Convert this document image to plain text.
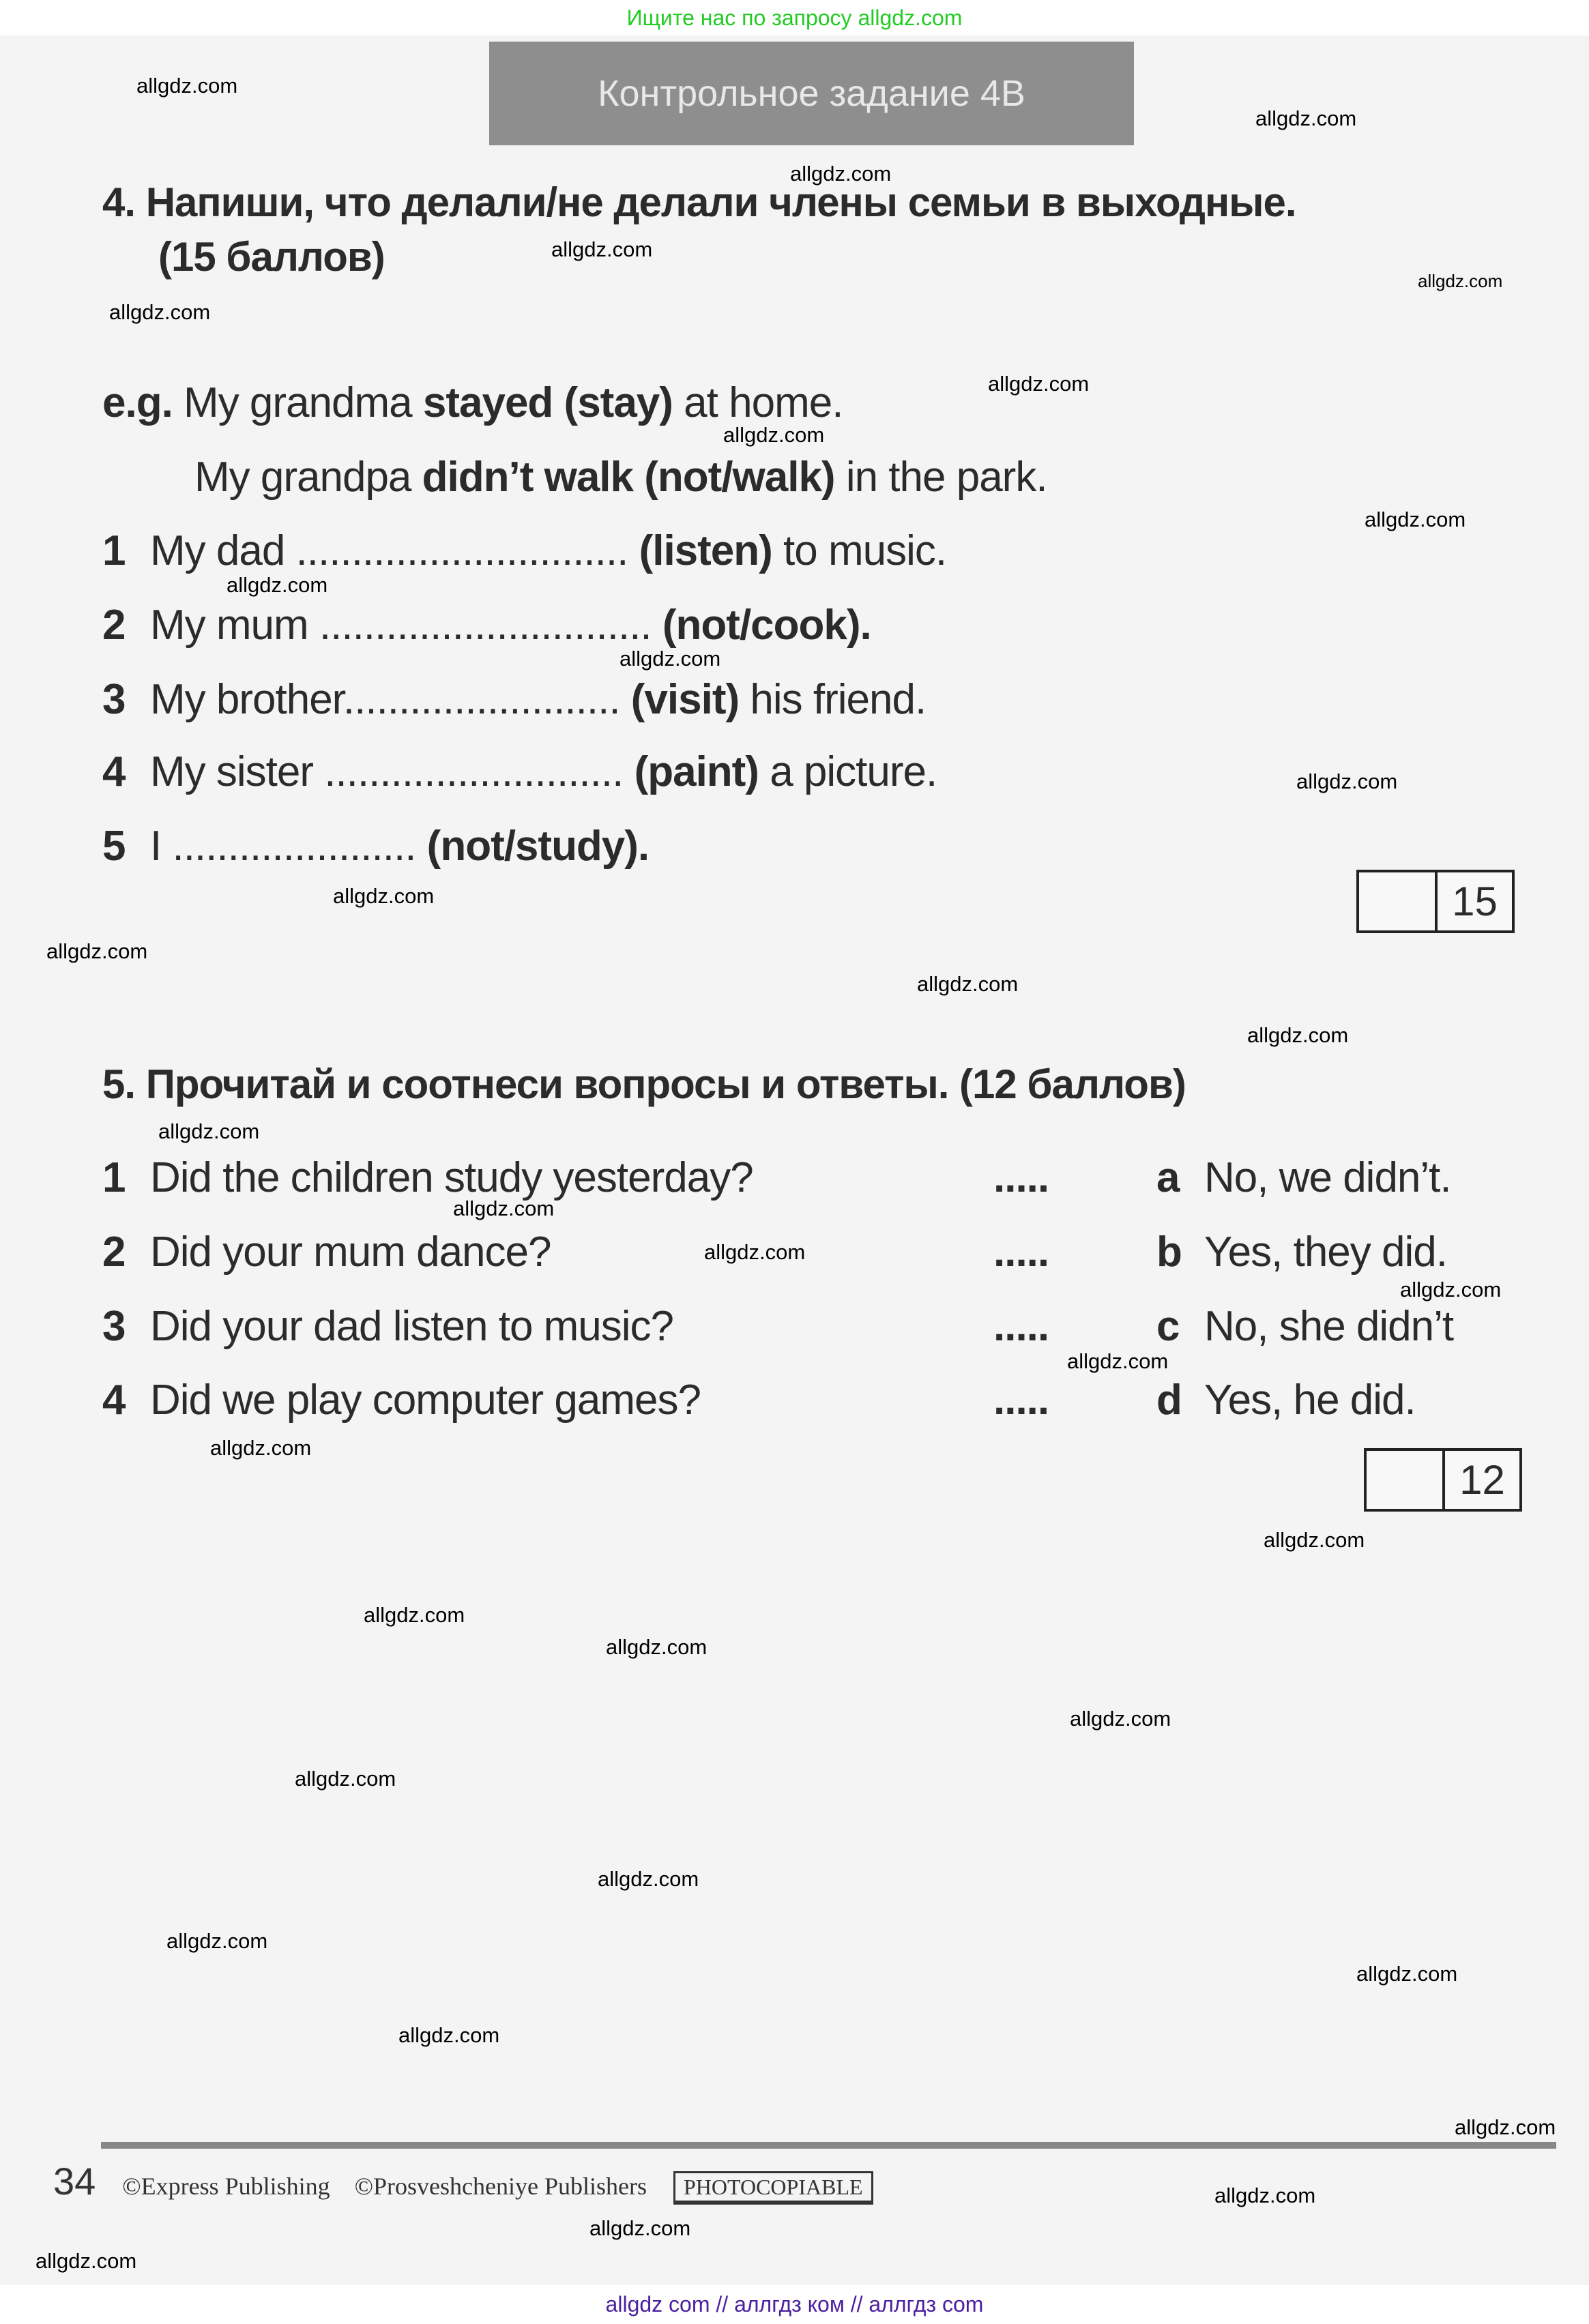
Ищите нас по запросу allgdz.com
Контрольное задание 4B
4. Напиши, что делали/не делали члены семьи в выходные.
(15 баллов)
e.g. My grandma stayed (stay) at home.
My grandpa didn’t walk (not/walk) in the park.
1 My dad .............................. (listen) to music.
2 My mum .............................. (not/cook).
3 My brother......................... (visit) his friend.
4 My sister ........................... (paint) a picture.
5 I ...................... (not/study).
15
5. Прочитай и соотнеси вопросы и ответы. (12 баллов)
1 Did the children study yesterday?
2 Did your mum dance?
3 Did your dad listen to music?
4 Did we play computer games?
.....
.....
.....
.....
a No, we didn’t.
b Yes, they did.
c No, she didn’t
d Yes, he did.
12
34 ©Express Publishing ©Prosveshcheniye Publishers PHOTOCOPIABLE
allgdz.com
allgdz.com
allgdz.com
allgdz.com
allgdz.com
allgdz.com
allgdz.com
allgdz.com
allgdz.com
allgdz.com
allgdz.com
allgdz.com
allgdz.com
allgdz.com
allgdz.com
allgdz.com
allgdz.com
allgdz.com
allgdz.com
allgdz.com
allgdz.com
allgdz.com
allgdz.com
allgdz.com
allgdz.com
allgdz.com
allgdz.com
allgdz.com
allgdz.com
allgdz.com
allgdz.com
allgdz.com
allgdz.com
allgdz.com
allgdz.com
allgdz com // аллгдз ком // аллгдз com
